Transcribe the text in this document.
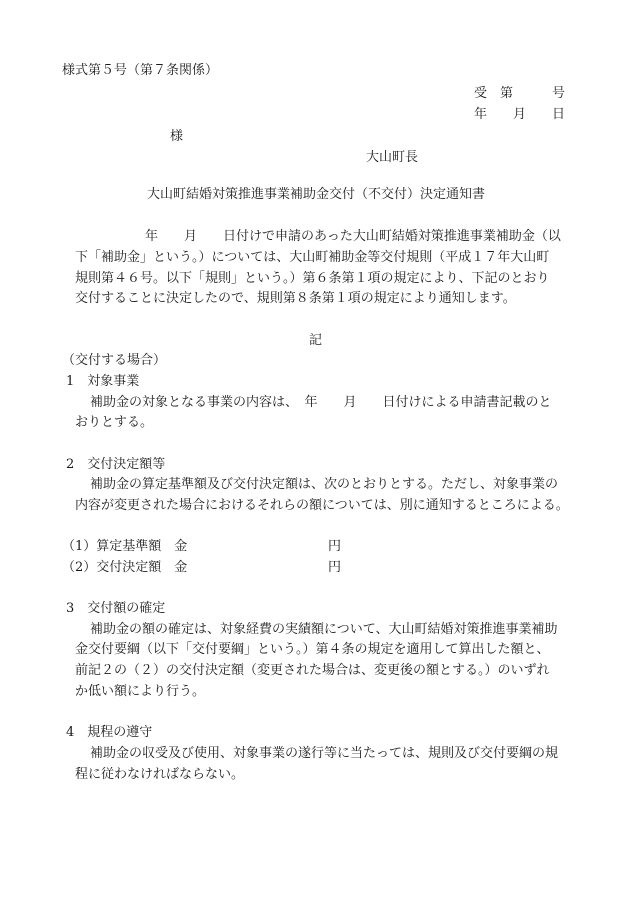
様式第５号（第７条関係）
受　第　　　号
年　　月　　日
様
大山町長
大山町結婚対策推進事業補助金交付（不交付）決定通知書
年　　月　　日付けで申請のあった大山町結婚対策推進事業補助金（以
下「補助金」という。）については、大山町補助金等交付規則（平成１７年大山町
規則第４６号。以下「規則」という。）第６条第１項の規定により、下記のとおり
交付することに決定したので、規則第８条第１項の規定により通知します。
記
（交付する場合）
1　対象事業
補助金の対象となる事業の内容は、　年　　月　　日付けによる申請書記載のと
おりとする。
2　交付決定額等
補助金の算定基準額及び交付決定額は、次のとおりとする。ただし、対象事業の
内容が変更された場合におけるそれらの額については、別に通知するところによる。
（1）算定基準額　金	円
（2）交付決定額　金	円
3　交付額の確定
補助金の額の確定は、対象経費の実績額について、大山町結婚対策推進事業補助
金交付要綱（以下「交付要綱」という。）第４条の規定を適用して算出した額と、
前記２の（２）の交付決定額（変更された場合は、変更後の額とする。）のいずれ
か低い額により行う。
4　規程の遵守
補助金の収受及び使用、対象事業の遂行等に当たっては、規則及び交付要綱の規
程に従わなければならない。
